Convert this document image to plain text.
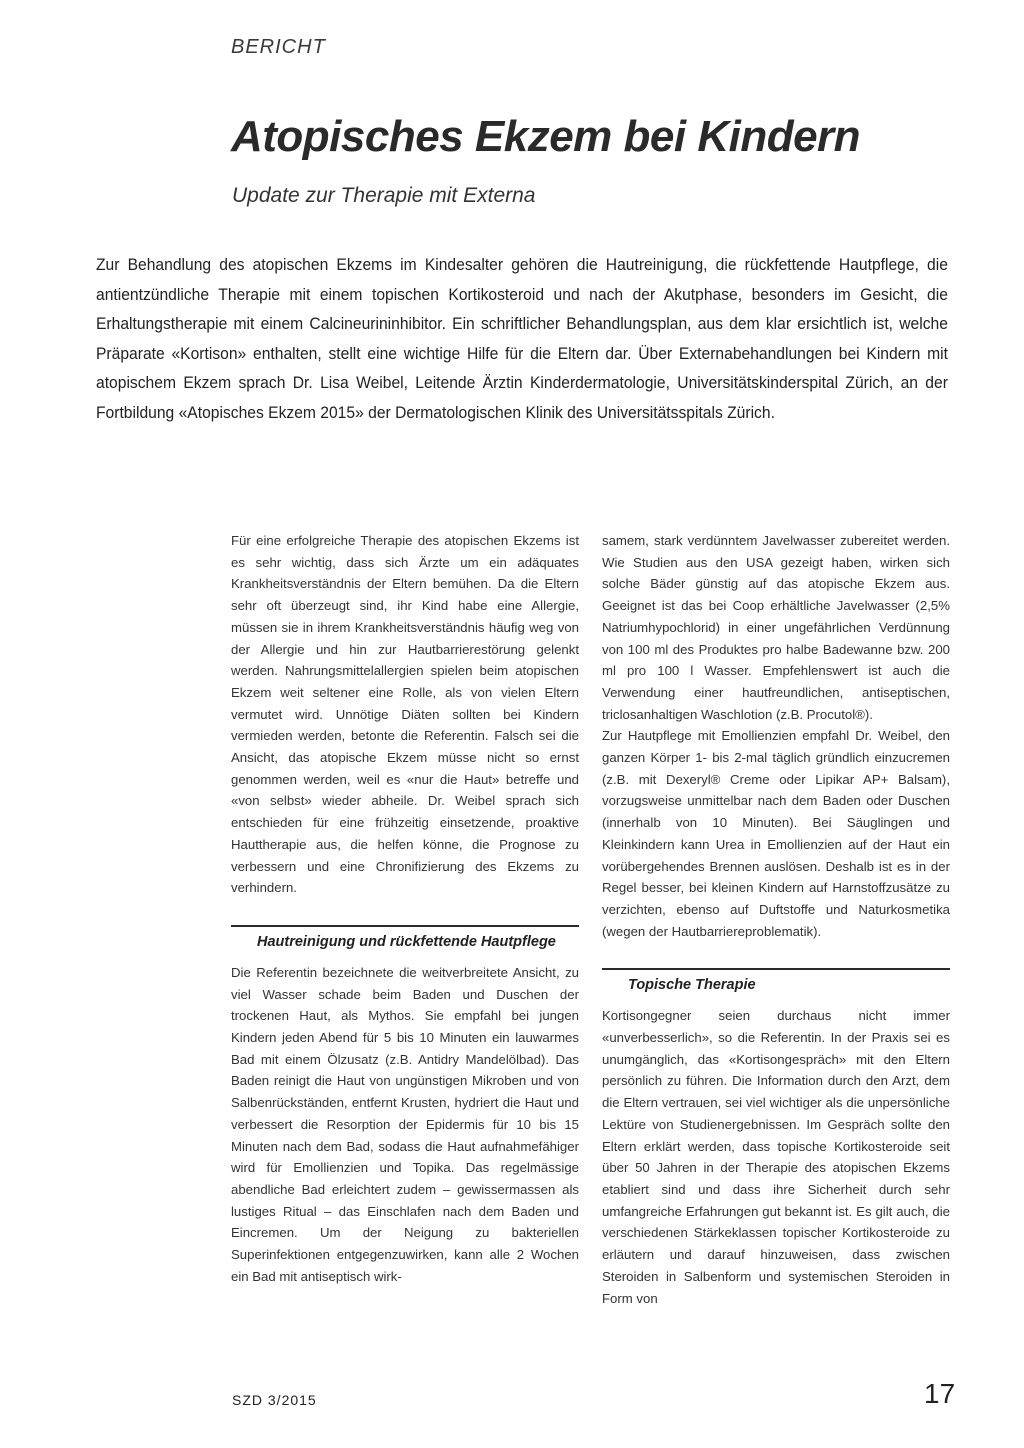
BERICHT
Atopisches Ekzem bei Kindern
Update zur Therapie mit Externa
Zur Behandlung des atopischen Ekzems im Kindesalter gehören die Hautreinigung, die rückfettende Hautpflege, die antientzündliche Therapie mit einem topischen Kortikosteroid und nach der Akutphase, besonders im Gesicht, die Erhaltungstherapie mit einem Calcineurininhibitor. Ein schriftlicher Behandlungsplan, aus dem klar ersichtlich ist, welche Präparate «Kortison» enthalten, stellt eine wichtige Hilfe für die Eltern dar. Über Externabehandlungen bei Kindern mit atopischem Ekzem sprach Dr. Lisa Weibel, Leitende Ärztin Kinderdermatologie, Universitätskinderspital Zürich, an der Fortbildung «Atopisches Ekzem 2015» der Dermatologischen Klinik des Universitätsspitals Zürich.

Für eine erfolgreiche Therapie des atopischen Ekzems ist es sehr wichtig, dass sich Ärzte um ein adäquates Krankheitsverständnis der Eltern bemühen. Da die Eltern sehr oft überzeugt sind, ihr Kind habe eine Allergie, müssen sie in ihrem Krankheitsverständnis häufig weg von der Allergie und hin zur Hautbarrierestörung gelenkt werden. Nahrungsmittelallergien spielen beim atopischen Ekzem weit seltener eine Rolle, als von vielen Eltern vermutet wird. Unnötige Diäten sollten bei Kindern vermieden werden, betonte die Referentin. Falsch sei die Ansicht, das atopische Ekzem müsse nicht so ernst genommen werden, weil es «nur die Haut» betreffe und «von selbst» wieder abheile. Dr. Weibel sprach sich entschieden für eine frühzeitig einsetzende, proaktive Hauttherapie aus, die helfen könne, die Prognose zu verbessern und eine Chronifizierung des Ekzems zu verhindern.

Hautreinigung und rückfettende Hautpflege

Die Referentin bezeichnete die weitverbreitete Ansicht, zu viel Wasser schade beim Baden und Duschen der trockenen Haut, als Mythos. Sie empfahl bei jungen Kindern jeden Abend für 5 bis 10 Minuten ein lauwarmes Bad mit einem Ölzusatz (z.B. Antidry Mandelölbad). Das Baden reinigt die Haut von ungünstigen Mikroben und von Salbenrückständen, entfernt Krusten, hydriert die Haut und verbessert die Resorption der Epidermis für 10 bis 15 Minuten nach dem Bad, sodass die Haut aufnahmefähiger wird für Emollienzien und Topika. Das regelmässige abendliche Bad erleichtert zudem – gewissermassen als lustiges Ritual – das Einschlafen nach dem Baden und Eincremen. Um der Neigung zu bakteriellen Superinfektionen entgegenzuwirken, kann alle 2 Wochen ein Bad mit antiseptisch wirk-

samem, stark verdünntem Javelwasser zubereitet werden. Wie Studien aus den USA gezeigt haben, wirken sich solche Bäder günstig auf das atopische Ekzem aus. Geeignet ist das bei Coop erhältliche Javelwasser (2,5% Natriumhypochlorid) in einer ungefährlichen Verdünnung von 100 ml des Produktes pro halbe Badewanne bzw. 200 ml pro 100 l Wasser. Empfehlenswert ist auch die Verwendung einer hautfreundlichen, antiseptischen, triclosanhaltigen Waschlotion (z.B. Procutol®).

Zur Hautpflege mit Emollienzien empfahl Dr. Weibel, den ganzen Körper 1- bis 2-mal täglich gründlich einzucremen (z.B. mit Dexeryl® Creme oder Lipikar AP+ Balsam), vorzugsweise unmittelbar nach dem Baden oder Duschen (innerhalb von 10 Minuten). Bei Säuglingen und Kleinkindern kann Urea in Emollienzien auf der Haut ein vorübergehendes Brennen auslösen. Deshalb ist es in der Regel besser, bei kleinen Kindern auf Harnstoffzusätze zu verzichten, ebenso auf Duftstoffe und Naturkosmetika (wegen der Hautbarriereproblematik).

Topische Therapie

Kortisongegner seien durchaus nicht immer «unverbesserlich», so die Referentin. In der Praxis sei es unumgänglich, das «Kortisongespräch» mit den Eltern persönlich zu führen. Die Information durch den Arzt, dem die Eltern vertrauen, sei viel wichtiger als die unpersönliche Lektüre von Studienergebnissen. Im Gespräch sollte den Eltern erklärt werden, dass topische Kortikosteroide seit über 50 Jahren in der Therapie des atopischen Ekzems etabliert sind und dass ihre Sicherheit durch sehr umfangreiche Erfahrungen gut bekannt ist. Es gilt auch, die verschiedenen Stärkeklassen topischer Kortikosteroide zu erläutern und darauf hinzuweisen, dass zwischen Steroiden in Salbenform und systemischen Steroiden in Form von

SZD 3/2015	17
